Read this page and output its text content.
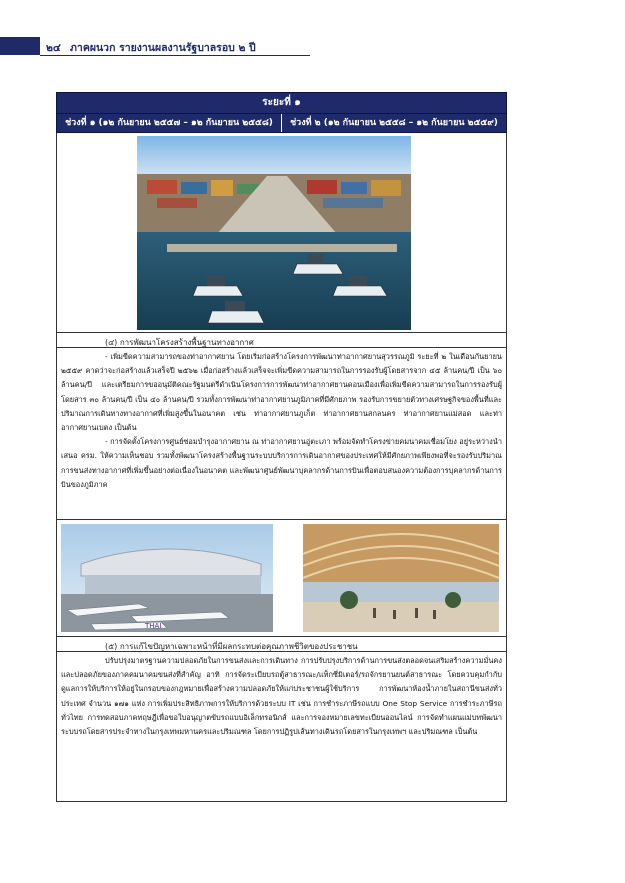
๒๔ ภาคผนวก รายงานผลงานรัฐบาลรอบ ๒ ปี
ระยะที่ ๑
ช่วงที่ ๑ (๑๒ กันยายน ๒๕๕๗ – ๑๒ กันยายน ๒๕๕๘)	ช่วงที่ ๒ (๑๒ กันยายน ๒๕๕๘ – ๑๒ กันยายน ๒๕๕๙)
(๔) การพัฒนาโครงสร้างพื้นฐานทางอากาศ

- เพิ่มขีดความสามารถของท่าอากาศยาน โดยเริ่มก่อสร้างโครงการพัฒนาท่าอากาศยานสุวรรณภูมิ ระยะที่ ๒ ในเดือนกันยายน ๒๕๕๙ คาดว่าจะก่อสร้างแล้วเสร็จปี ๒๕๖๒ เมื่อก่อสร้างแล้วเสร็จจะเพิ่มขีดความสามารถในการรองรับผู้โดยสารจาก ๔๕ ล้านคน/ปี เป็น ๖๐ ล้านคน/ปี และเตรียมการขออนุมัติคณะรัฐมนตรีดำเนินโครงการการพัฒนาท่าอากาศยานดอนเมืองเพื่อเพิ่มขีดความสามารถในการรองรับผู้โดยสาร ๓๐ ล้านคน/ปี เป็น ๔๐ ล้านคน/ปี รวมทั้งการพัฒนาท่าอากาศยานภูมิภาคที่มีศักยภาพ รองรับการขยายตัวทางเศรษฐกิจของพื้นที่และปริมาณการเดินทางทางอากาศที่เพิ่มสูงขึ้นในอนาคต เช่น ท่าอากาศยานภูเก็ต ท่าอากาศยานสกลนคร ท่าอากาศยานแม่สอด และท่าอากาศยานเบตง เป็นต้น

- การจัดตั้งโครงการศูนย์ซ่อมบำรุงอากาศยาน ณ ท่าอากาศยานอู่ตะเภา พร้อมจัดทำโครงข่ายคมนาคมเชื่อมโยง อยู่ระหว่างนำเสนอ ครม. ให้ความเห็นชอบ รวมทั้งพัฒนาโครงสร้างพื้นฐานระบบบริการการเดินอากาศของประเทศให้มีศักยภาพเพียงพอที่จะรองรับปริมาณการขนส่งทางอากาศที่เพิ่มขึ้นอย่างต่อเนื่องในอนาคต และพัฒนาศูนย์พัฒนาบุคลากรด้านการบินเพื่อตอบสนองความต้องการบุคลากรด้านการบินของภูมิภาค

THAI
(๕) การแก้ไขปัญหาเฉพาะหน้าที่มีผลกระทบต่อคุณภาพชีวิตของประชาชน

ปรับปรุงมาตรฐานความปลอดภัยในการขนส่งและการเดินทาง การปรับปรุงบริการด้านการขนส่งตลอดจนเสริมสร้างความมั่นคงและปลอดภัยของภาคคมนาคมขนส่งที่สำคัญ อาทิ การจัดระเบียบรถตู้สาธารณะ/แท็กซี่มิเตอร์/รถจักรยานยนต์สาธารณะ โดยควบคุมกำกับดูแลการให้บริการให้อยู่ในกรอบของกฎหมายเพื่อสร้างความปลอดภัยให้แก่ประชาชนผู้ใช้บริการ การพัฒนาห้องน้ำภายในสถานีขนส่งทั่วประเทศ จำนวน ๑๗๑ แห่ง การเพิ่มประสิทธิภาพการให้บริการด้วยระบบ IT เช่น การชำระภาษีรถแบบ One Stop Service การชำระภาษีรถทั่วไทย การทดสอบภาคทฤษฎีเพื่อขอใบอนุญาตขับรถแบบอิเล็กทรอนิกส์ และการจองหมายเลขทะเบียนออนไลน์ การจัดทำแผนแม่บทพัฒนาระบบรถโดยสารประจำทางในกรุงเทพมหานครและปริมณฑล โดยการปฏิรูปเส้นทางเดินรถโดยสารในกรุงเทพฯ และปริมณฑล เป็นต้น
